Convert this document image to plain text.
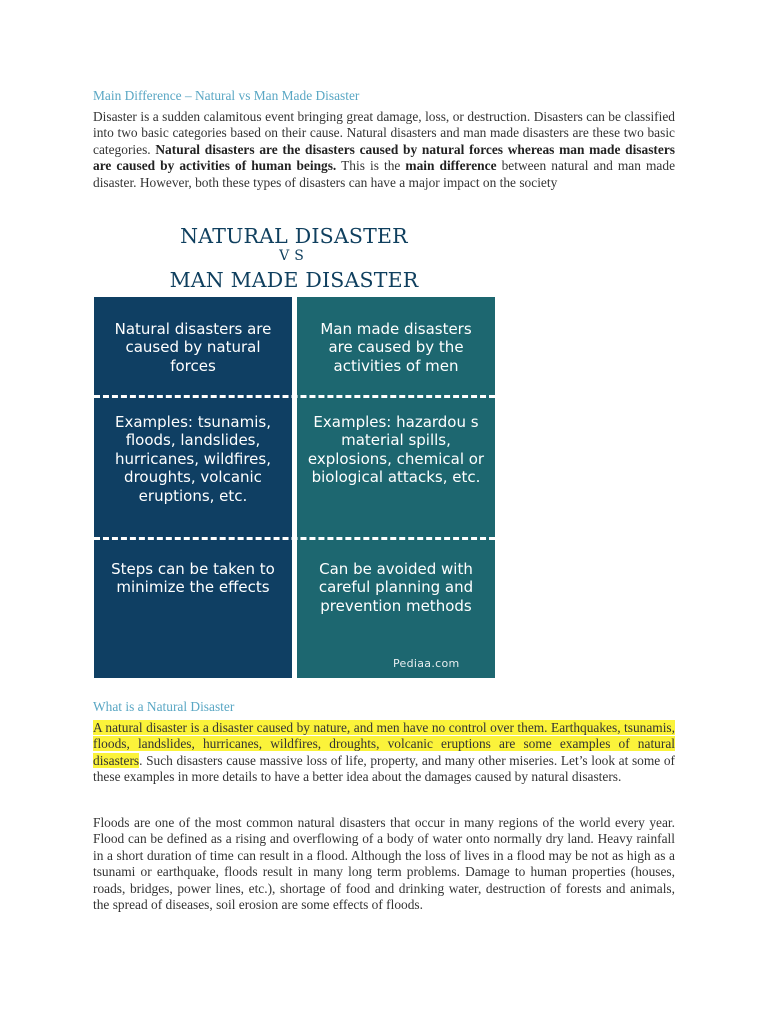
Main Difference – Natural vs Man Made Disaster

Disaster is a sudden calamitous event bringing great damage, loss, or destruction. Disasters can be classified into two basic categories based on their cause. Natural disasters and man made disasters are these two basic categories. Natural disasters are the disasters caused by natural forces whereas man made disasters are caused by activities of human beings. This is the main difference between natural and man made disaster. However, both these types of disasters can have a major impact on the society

NATURAL DISASTER
VS
MAN MADE DISASTER
Natural disasters are caused by natural forces
Man made disasters are caused by the activities of men
Examples: tsunamis, floods, landslides, hurricanes, wildfires, droughts, volcanic eruptions, etc.
Examples: hazardou s material spills, explosions, chemical or biological attacks, etc.
Steps can be taken to minimize the effects
Can be avoided with careful planning and prevention methods
Pediaa.com
What is a Natural Disaster

A natural disaster is a disaster caused by nature, and men have no control over them. Earthquakes, tsunamis, floods, landslides, hurricanes, wildfires, droughts, volcanic eruptions are some examples of natural disasters. Such disasters cause massive loss of life, property, and many other miseries. Let’s look at some of these examples in more details to have a better idea about the damages caused by natural disasters.

Floods are one of the most common natural disasters that occur in many regions of the world every year. Flood can be defined as a rising and overflowing of a body of water onto normally dry land. Heavy rainfall in a short duration of time can result in a flood. Although the loss of lives in a flood may be not as high as a tsunami or earthquake, floods result in many long term problems. Damage to human properties (houses, roads, bridges, power lines, etc.), shortage of food and drinking water, destruction of forests and animals, the spread of diseases, soil erosion are some effects of floods.
